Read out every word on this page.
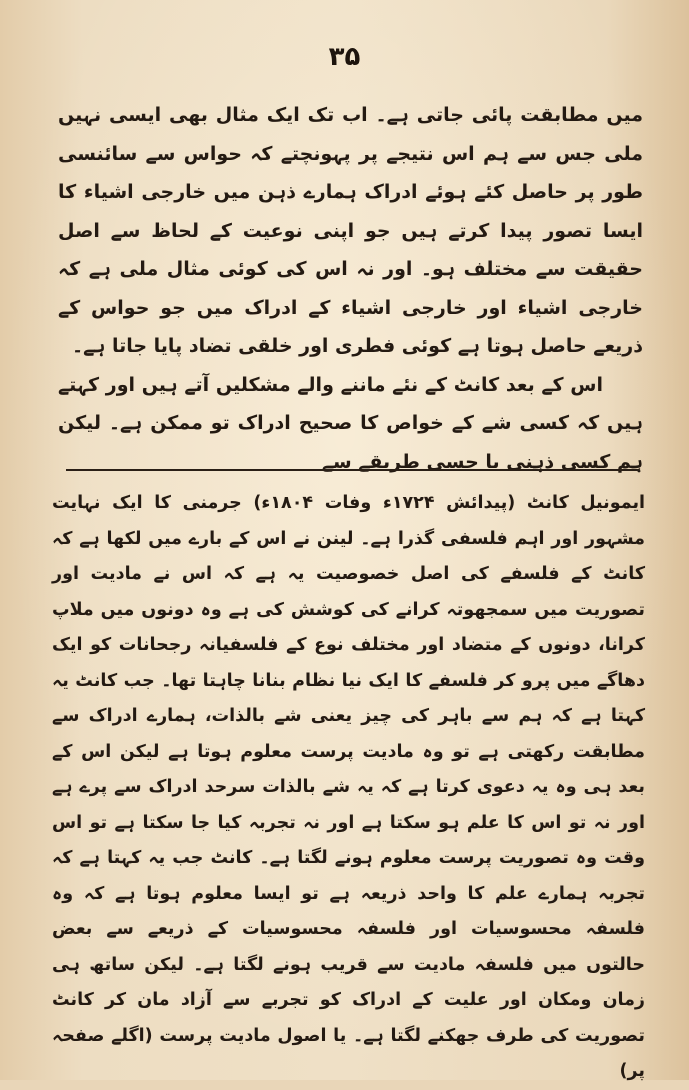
۳۵

میں مطابقت پائی جاتی ہے۔ اب تک ایک مثال بھی ایسی نہیں ملی جس سے ہم اس نتیجے پر پہونچتے کہ حواس سے سائنسی طور پر حاصل کئے ہوئے ادراک ہمارے ذہن میں خارجی اشیاء کا ایسا تصور پیدا کرتے ہیں جو اپنی نوعیت کے لحاظ سے اصل حقیقت سے مختلف ہو۔ اور نہ اس کی کوئی مثال ملی ہے کہ خارجی اشیاء اور خارجی اشیاء کے ادراک میں جو حواس کے ذریعے حاصل ہوتا ہے کوئی فطری اور خلقی تضاد پایا جاتا ہے۔

اس کے بعد کانٹ کے نئے ماننے والے مشکلیں آتے ہیں اور کہتے ہیں کہ کسی شے کے خواص کا صحیح ادراک تو ممکن ہے۔ لیکن ہم کسی ذہنی یا حسی طریقے سے

ایمونیل کانٹ (پیدائش ۱۷۲۴ء وفات ۱۸۰۴ء) جرمنی کا ایک نہایت مشہور اور اہم فلسفی گذرا ہے۔ لینن نے اس کے بارے میں لکھا ہے کہ کانٹ کے فلسفے کی اصل خصوصیت یہ ہے کہ اس نے مادیت اور تصوریت میں سمجھوتہ کرانے کی کوشش کی ہے وہ دونوں میں ملاپ کرانا، دونوں کے متضاد اور مختلف نوع کے فلسفیانہ رجحانات کو ایک دھاگے میں پرو کر فلسفے کا ایک نیا نظام بنانا چاہتا تھا۔ جب کانٹ یہ کہتا ہے کہ ہم سے باہر کی چیز یعنی شے بالذات، ہمارے ادراک سے مطابقت رکھتی ہے تو وہ مادیت پرست معلوم ہوتا ہے لیکن اس کے بعد ہی وہ یہ دعوی کرتا ہے کہ یہ شے بالذات سرحد ادراک سے پرے ہے اور نہ تو اس کا علم ہو سکتا ہے اور نہ تجربہ کیا جا سکتا ہے تو اس وقت وہ تصوریت پرست معلوم ہونے لگتا ہے۔ کانٹ جب یہ کہتا ہے کہ تجربہ ہمارے علم کا واحد ذریعہ ہے تو ایسا معلوم ہوتا ہے کہ وہ فلسفہ محسوسیات اور فلسفہ محسوسیات کے ذریعے سے بعض حالتوں میں فلسفہ مادیت سے قریب ہونے لگتا ہے۔ لیکن ساتھ ہی زمان ومکان اور علیت کے ادراک کو تجربے سے آزاد مان کر کانٹ تصوریت کی طرف جھکنے لگتا ہے۔ یا اصول مادیت پرست (اگلے صفحہ پر)
